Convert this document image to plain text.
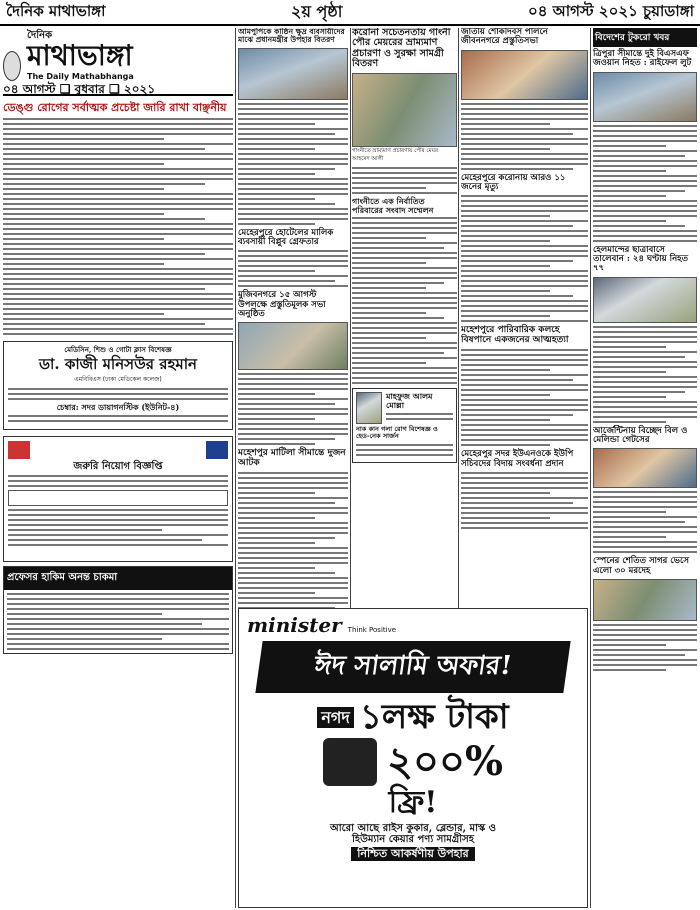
দৈনিক মাথাভাঙ্গা	২য় পৃষ্ঠা	০৪ আগস্ট ২০২১ চুয়াডাঙ্গা
দৈনিক
মাথাভাঙ্গা
The Daily Mathabhanga
০৪ আগস্ট ❑ বুধবার ❑ ২০২১
ডেঙ্গু রোগের সর্বাত্মক প্রচেষ্টা জারি রাখা বাঞ্ছনীয়
মেডিসিন, শিশু ও গোটা ক্লাস বিশেষজ্ঞ
ডা. কাজী মনিসউর রহমান
এমবিবিএস (ঢাকা মেডিকেল কলেজ)
চেম্বার: সদর ডায়াগনস্টিক (ইউনিট-৪)
জরুরি নিয়োগ বিজ্ঞপ্তি
প্রফেসর হাকিম অনন্ত চাকমা
আমপুপিকে কাষ্ঠিন ক্ষুদ্র ব্যবসায়ীদের মাঝে প্রধানমন্ত্রীর উপহার বিতরণ
মেহেরপুরে হোটেলের মালিক ব্যবসায়ী বিপ্লুব গ্রেফতার
মুজিবনগরে ১৫ আগস্ট উপলক্ষে প্রস্তুতিমূলক সভা অনুষ্ঠিত
মহেশপুর মাটিলা সীমান্তে দুজন আটক
করোনা সচেতনতায় গাংনী পৌর মেয়রের ভ্রাম্যমাণ প্রচারণা ও সুরক্ষা সামগ্রী বিতরণ
গাংনীতে ভ্রাম্যমাণ প্রচারণায় পৌর মেয়র আহমেদ আলী
গাংনীতে এক নির্বাতিত পরিবারের সংবাদ সম্মেলন
মাহফুজ আলম মোল্লা
নাক কান গলা রোগ বিশেষজ্ঞ ও হেড-নেক সার্জন
জাতীয় শোকদিবস পালনে জীবননগরে প্রস্তুতিসভা
মেহেরপুরে করোনায় আরও ১১ জনের মৃত্যু
মহেশপুরে পারিবারিক কলহে বিষপানে একজনের আত্মহত্যা
মেহেরপুর সদর ইউএনওকে ইউপি সচিবদের বিদায় সংবর্ধনা প্রদান
minister Think Positive
ঈদ সালামি অফার!
নগদ ১লক্ষ টাকা
২০০%
ফ্রি!
আরো আছে রাইস কুকার, ব্লেন্ডার, মাস্ক ও
হিউম্যান কেয়ার পণ্য সামগ্রীসহ
নিশ্চিত আকর্ষণীয় উপহার
বিদেশের টুকরো খবর
ত্রিপুরা সীমান্তে দুই বিএসএফ জওয়ান নিহত : রাইফেল লুট
হেলমান্দের ছাত্রাবাসে তালেবান : ২৪ ঘণ্টায় নিহত ৭৭
আর্জেন্টিনায় বিচ্ছেদ বিল ও মেলিন্ডা গেটসের
স্পেনের শেতিত সাগর ভেসে এলো ৩০ মরদেহ
